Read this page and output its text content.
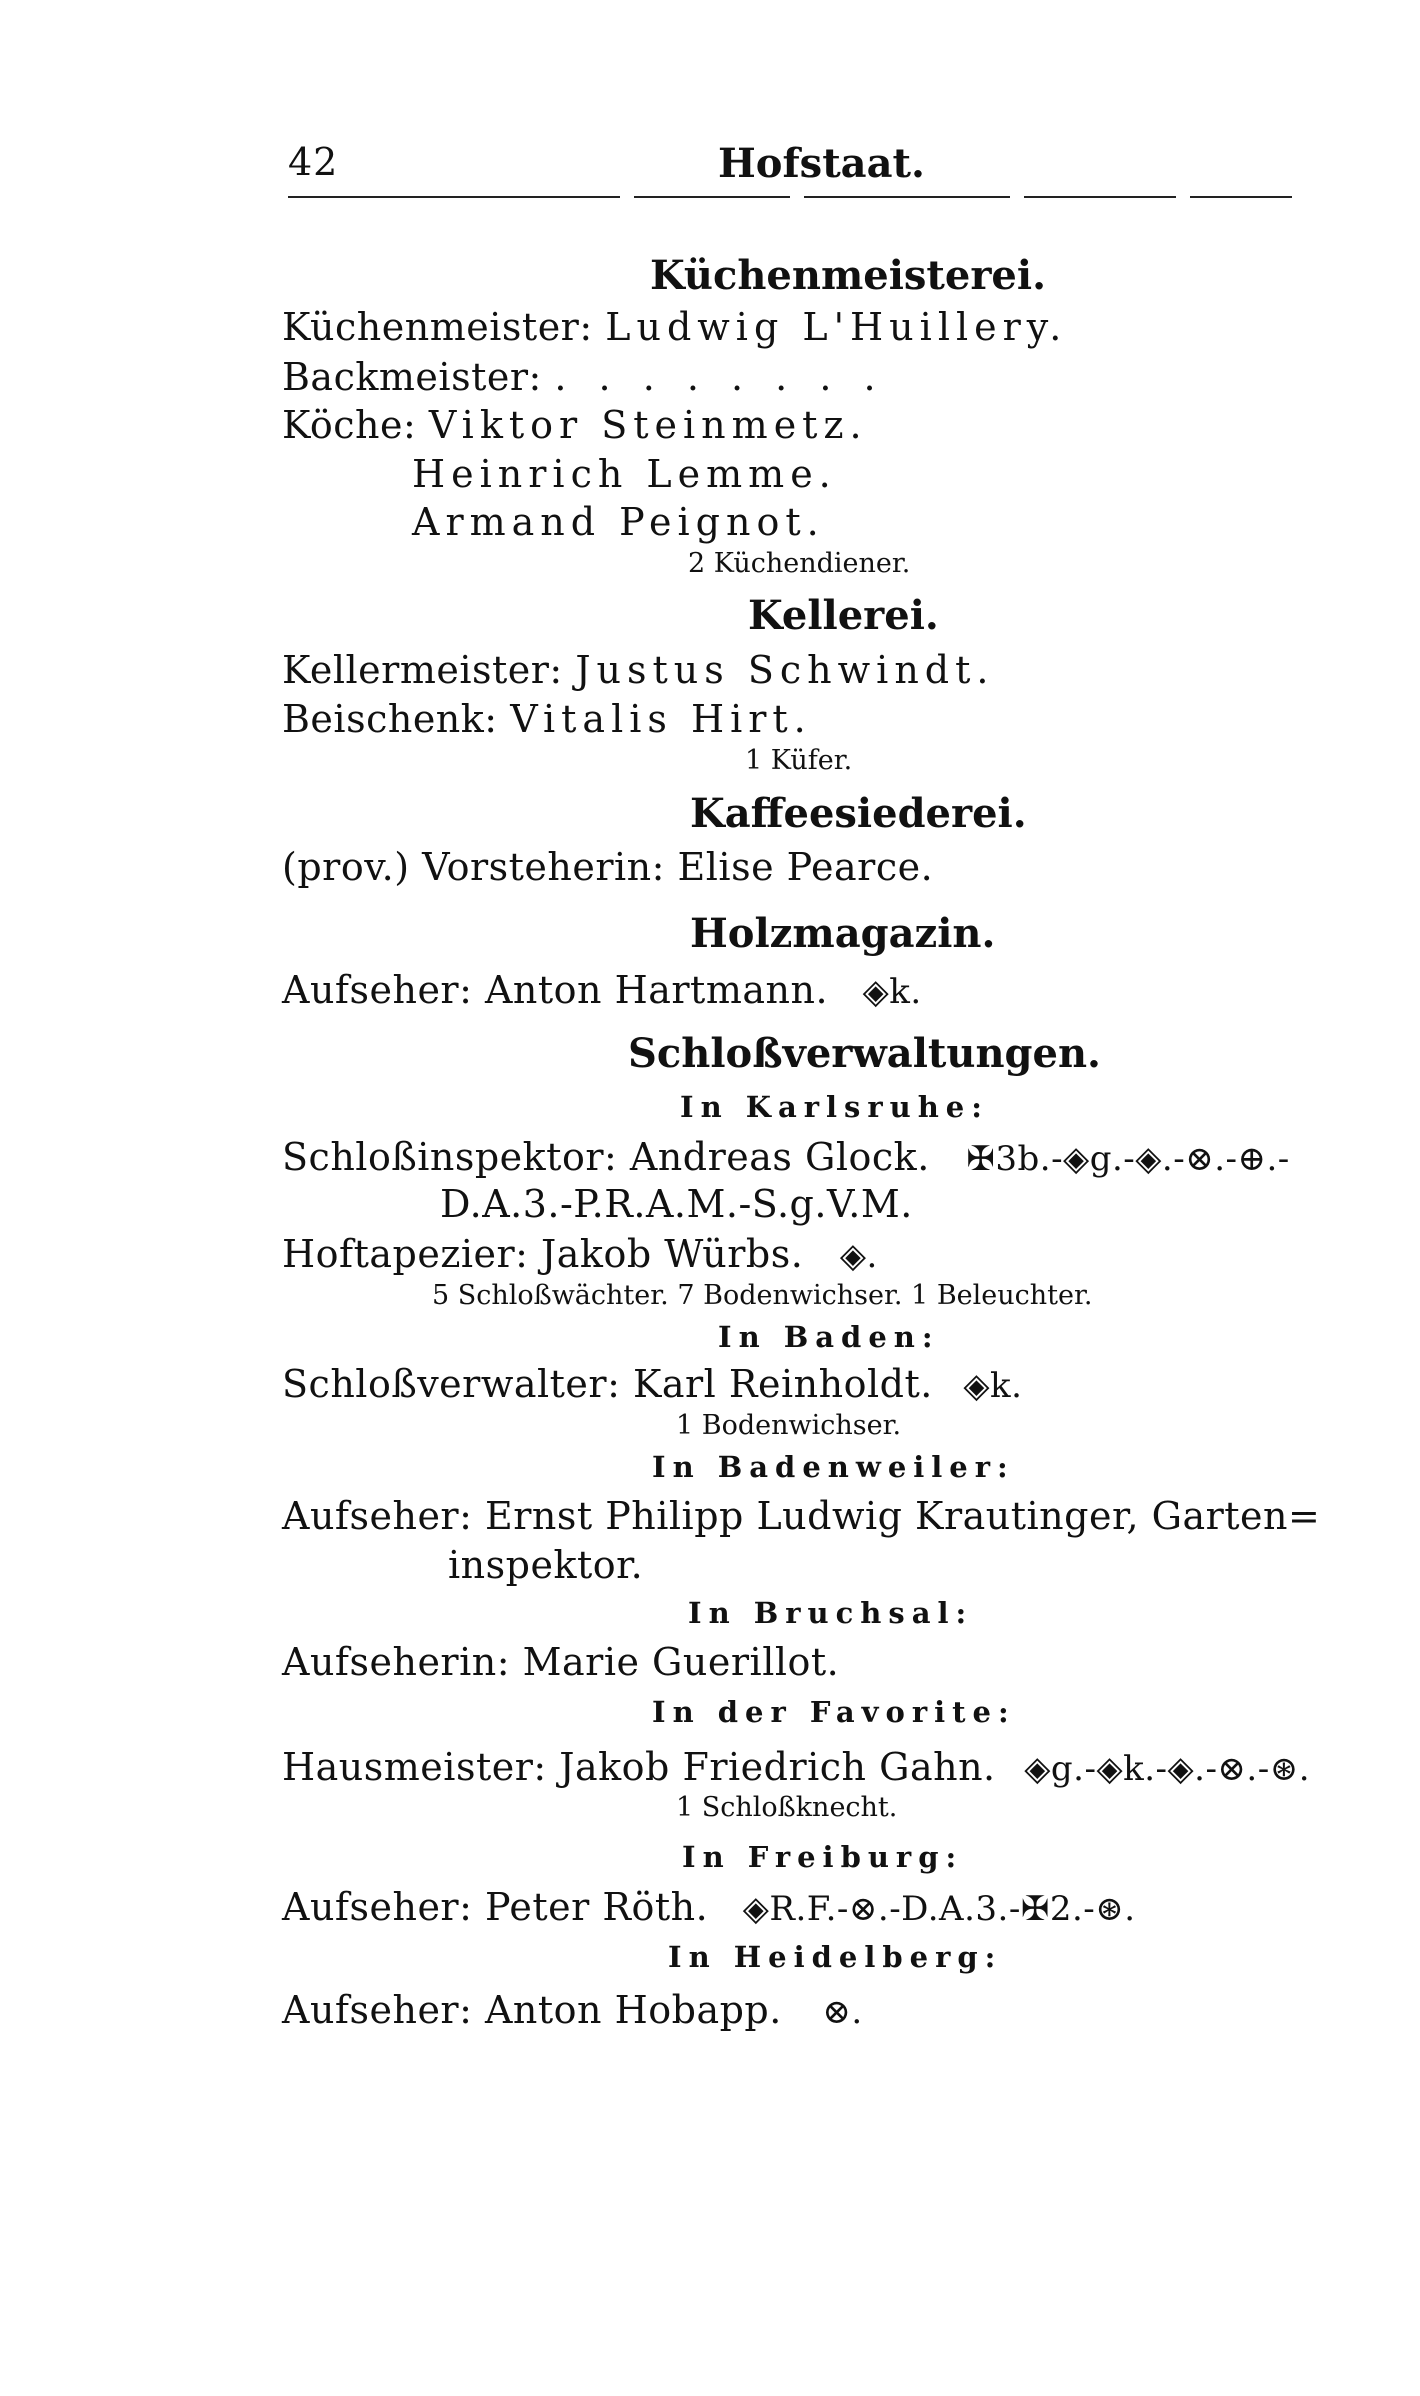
42	Hofstaat.
Küchenmeisterei.
Küchenmeister: Ludwig L'Huillery.
Backmeister: . . . . . . . .
Köche: Viktor Steinmetz.
Heinrich Lemme.
Armand Peignot.
2 Küchendiener.
Kellerei.
Kellermeister: Justus Schwindt.
Beischenk: Vitalis Hirt.
1 Küfer.
Kaffeesiederei.
(prov.) Vorsteherin: Elise Pearce.
Holzmagazin.
Aufseher: Anton Hartmann. ◈k.
Schloßverwaltungen.
In Karlsruhe:
Schloßinspektor: Andreas Glock. ✠3b.-◈g.-◈.-⊗.-⊕.-
D.A.3.-P.R.A.M.-S.g.V.M.
Hoftapezier: Jakob Würbs. ◈.
5 Schloßwächter. 7 Bodenwichser. 1 Beleuchter.
In Baden:
Schloßverwalter: Karl Reinholdt. ◈k.
1 Bodenwichser.
In Badenweiler:
Aufseher: Ernst Philipp Ludwig Krautinger, Garten=
inspektor.
In Bruchsal:
Aufseherin: Marie Guerillot.
In der Favorite:
Hausmeister: Jakob Friedrich Gahn. ◈g.-◈k.-◈.-⊗.-⊛.
1 Schloßknecht.
In Freiburg:
Aufseher: Peter Röth. ◈R.F.-⊗.-D.A.3.-✠2.-⊛.
In Heidelberg:
Aufseher: Anton Hobapp. ⊗.
